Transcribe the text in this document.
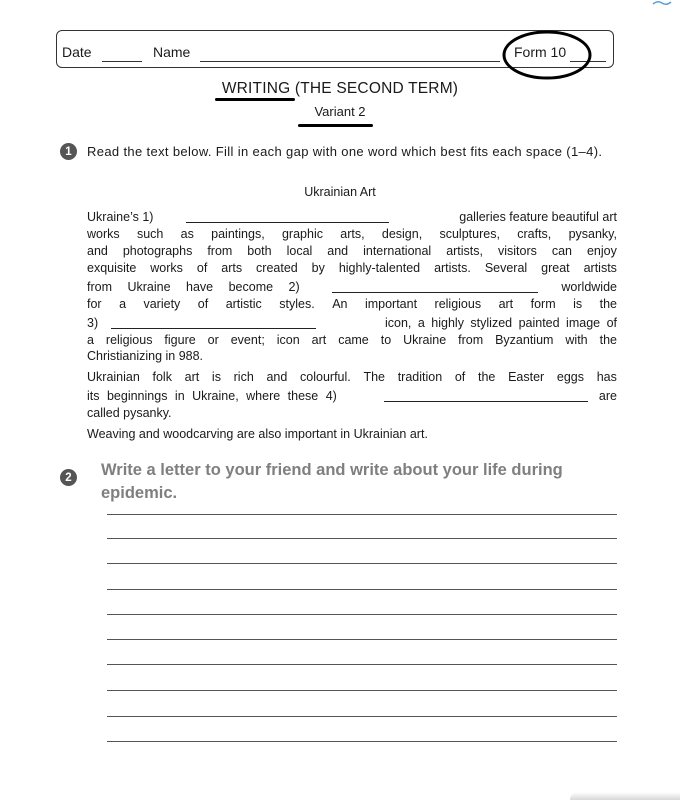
Date	Name	Form 10
WRITING (THE SECOND TERM)
Variant 2
1	Read the text below. Fill in each gap with one word which best fits each space (1–4).
Ukrainian Art
Ukraine’s 1)	galleries feature beautiful art
works such as paintings, graphic arts, design, sculptures, crafts, pysanky,
and photographs from both local and international artists, visitors can enjoy
exquisite works of arts created by highly-talented artists. Several great artists
from Ukraine have become 2)	worldwide
for a variety of artistic styles. An important religious art form is the
3)	icon, a highly stylized painted image of
a religious figure or event; icon art came to Ukraine from Byzantium with the
Christianizing in 988.
Ukrainian folk art is rich and colourful. The tradition of the Easter eggs has
its beginnings in Ukraine, where these 4)	are
called pysanky.
Weaving and woodcarving are also important in Ukrainian art.
2	Write a letter to your friend and write about your life during epidemic.
